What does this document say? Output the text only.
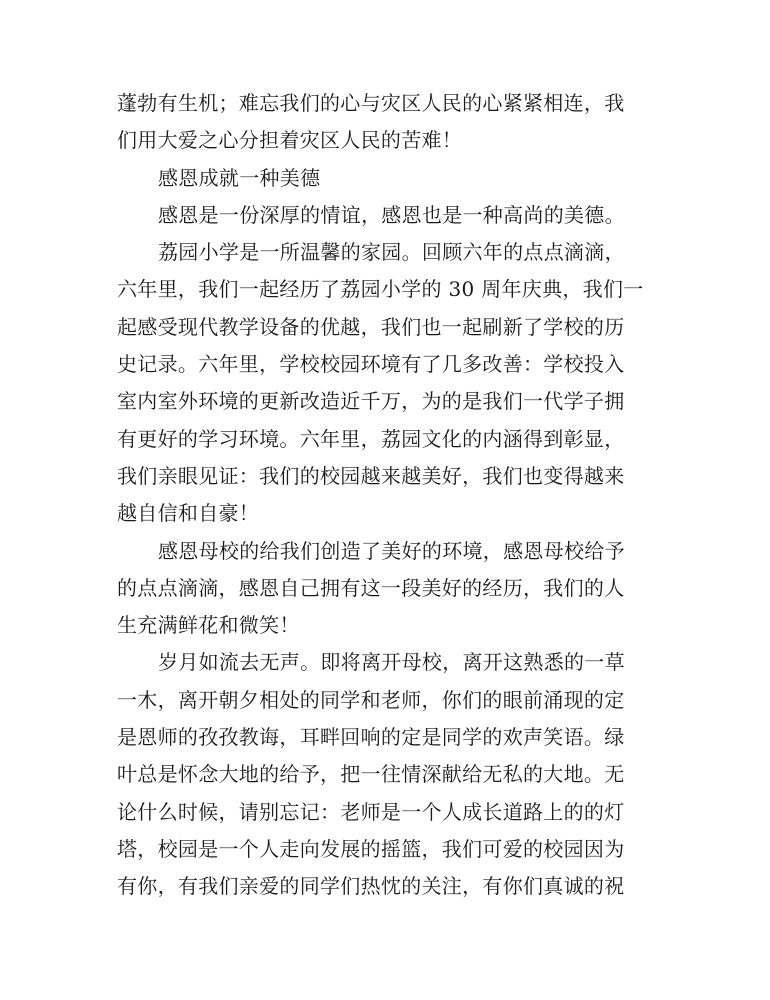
蓬勃有生机；难忘我们的心与灾区人民的心紧紧相连，我
们用大爱之心分担着灾区人民的苦难！
感恩成就一种美德
感恩是一份深厚的情谊，感恩也是一种高尚的美德。
荔园小学是一所温馨的家园。回顾六年的点点滴滴，
六年里，我们一起经历了荔园小学的 30 周年庆典，我们一
起感受现代教学设备的优越，我们也一起刷新了学校的历
史记录。六年里，学校校园环境有了几多改善：学校投入
室内室外环境的更新改造近千万，为的是我们一代学子拥
有更好的学习环境。六年里，荔园文化的内涵得到彰显，
我们亲眼见证：我们的校园越来越美好，我们也变得越来
越自信和自豪！
感恩母校的给我们创造了美好的环境，感恩母校给予
的点点滴滴，感恩自己拥有这一段美好的经历，我们的人
生充满鲜花和微笑！
岁月如流去无声。即将离开母校，离开这熟悉的一草
一木，离开朝夕相处的同学和老师，你们的眼前涌现的定
是恩师的孜孜教诲，耳畔回响的定是同学的欢声笑语。绿
叶总是怀念大地的给予，把一往情深献给无私的大地。无
论什么时候，请别忘记：老师是一个人成长道路上的的灯
塔，校园是一个人走向发展的摇篮，我们可爱的校园因为
有你，有我们亲爱的同学们热忱的关注，有你们真诚的祝
